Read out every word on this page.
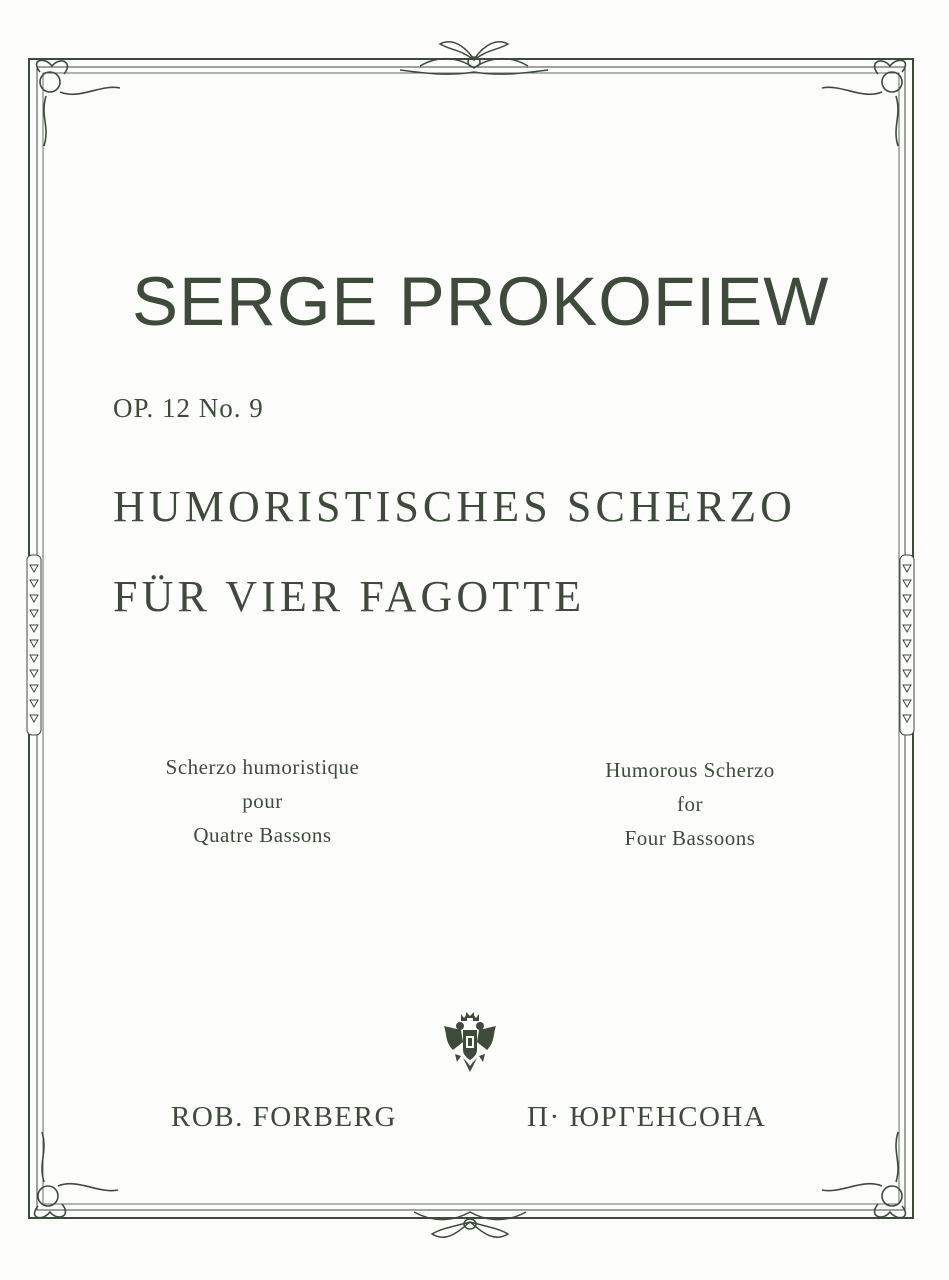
SERGE PROKOFIEW
OP. 12 No. 9
HUMORISTISCHES SCHERZO
FÜR VIER FAGOTTE
Scherzo humoristique
pour
Quatre Bassons
Humorous Scherzo
for
Four Bassoons
ROB. FORBERG	П· ЮРГЕНСОНА
